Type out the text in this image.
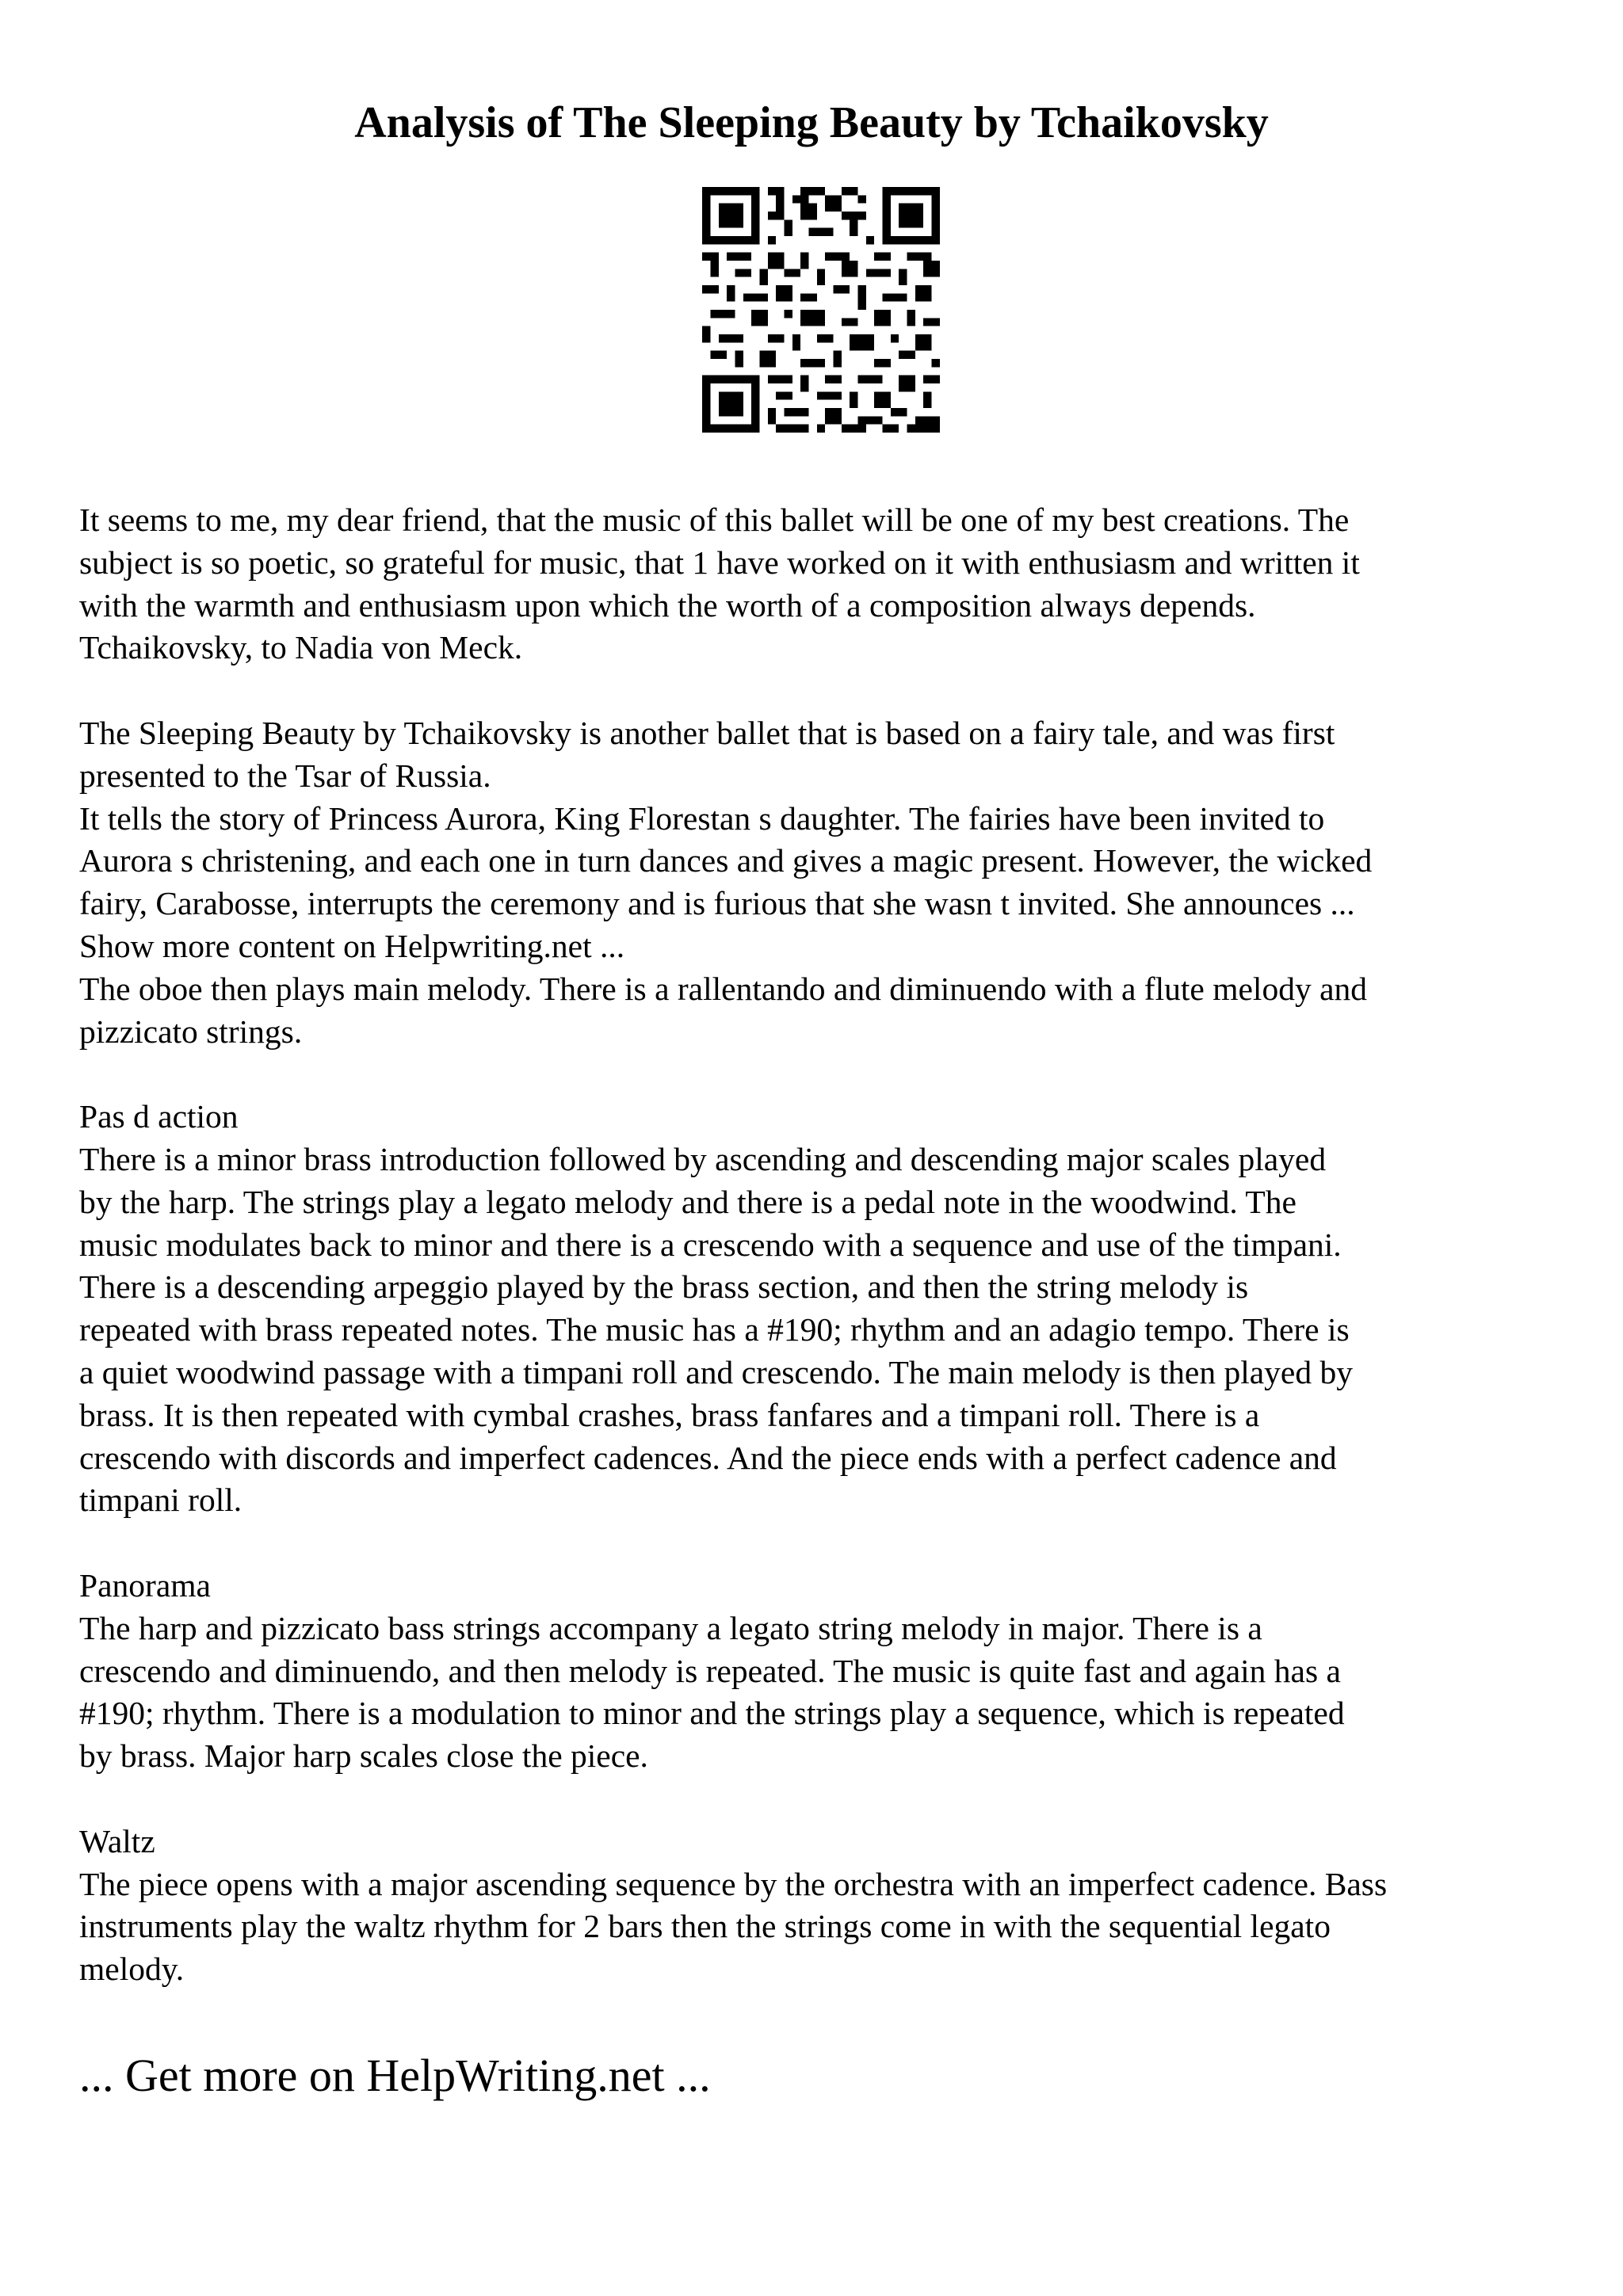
Analysis of The Sleeping Beauty by Tchaikovsky

It seems to me, my dear friend, that the music of this ballet will be one of my best creations. The
subject is so poetic, so grateful for music, that 1 have worked on it with enthusiasm and written it
with the warmth and enthusiasm upon which the worth of a composition always depends.
Tchaikovsky, to Nadia von Meck.

The Sleeping Beauty by Tchaikovsky is another ballet that is based on a fairy tale, and was first
presented to the Tsar of Russia.
It tells the story of Princess Aurora, King Florestan s daughter. The fairies have been invited to
Aurora s christening, and each one in turn dances and gives a magic present. However, the wicked
fairy, Carabosse, interrupts the ceremony and is furious that she wasn t invited. She announces ...
Show more content on Helpwriting.net ...
The oboe then plays main melody. There is a rallentando and diminuendo with a flute melody and
pizzicato strings.

Pas d action

There is a minor brass introduction followed by ascending and descending major scales played
by the harp. The strings play a legato melody and there is a pedal note in the woodwind. The
music modulates back to minor and there is a crescendo with a sequence and use of the timpani.
There is a descending arpeggio played by the brass section, and then the string melody is
repeated with brass repeated notes. The music has a #190; rhythm and an adagio tempo. There is
a quiet woodwind passage with a timpani roll and crescendo. The main melody is then played by
brass. It is then repeated with cymbal crashes, brass fanfares and a timpani roll. There is a
crescendo with discords and imperfect cadences. And the piece ends with a perfect cadence and
timpani roll.

Panorama

The harp and pizzicato bass strings accompany a legato string melody in major. There is a
crescendo and diminuendo, and then melody is repeated. The music is quite fast and again has a
#190; rhythm. There is a modulation to minor and the strings play a sequence, which is repeated
by brass. Major harp scales close the piece.

Waltz

The piece opens with a major ascending sequence by the orchestra with an imperfect cadence. Bass
instruments play the waltz rhythm for 2 bars then the strings come in with the sequential legato
melody.

... Get more on HelpWriting.net ...
